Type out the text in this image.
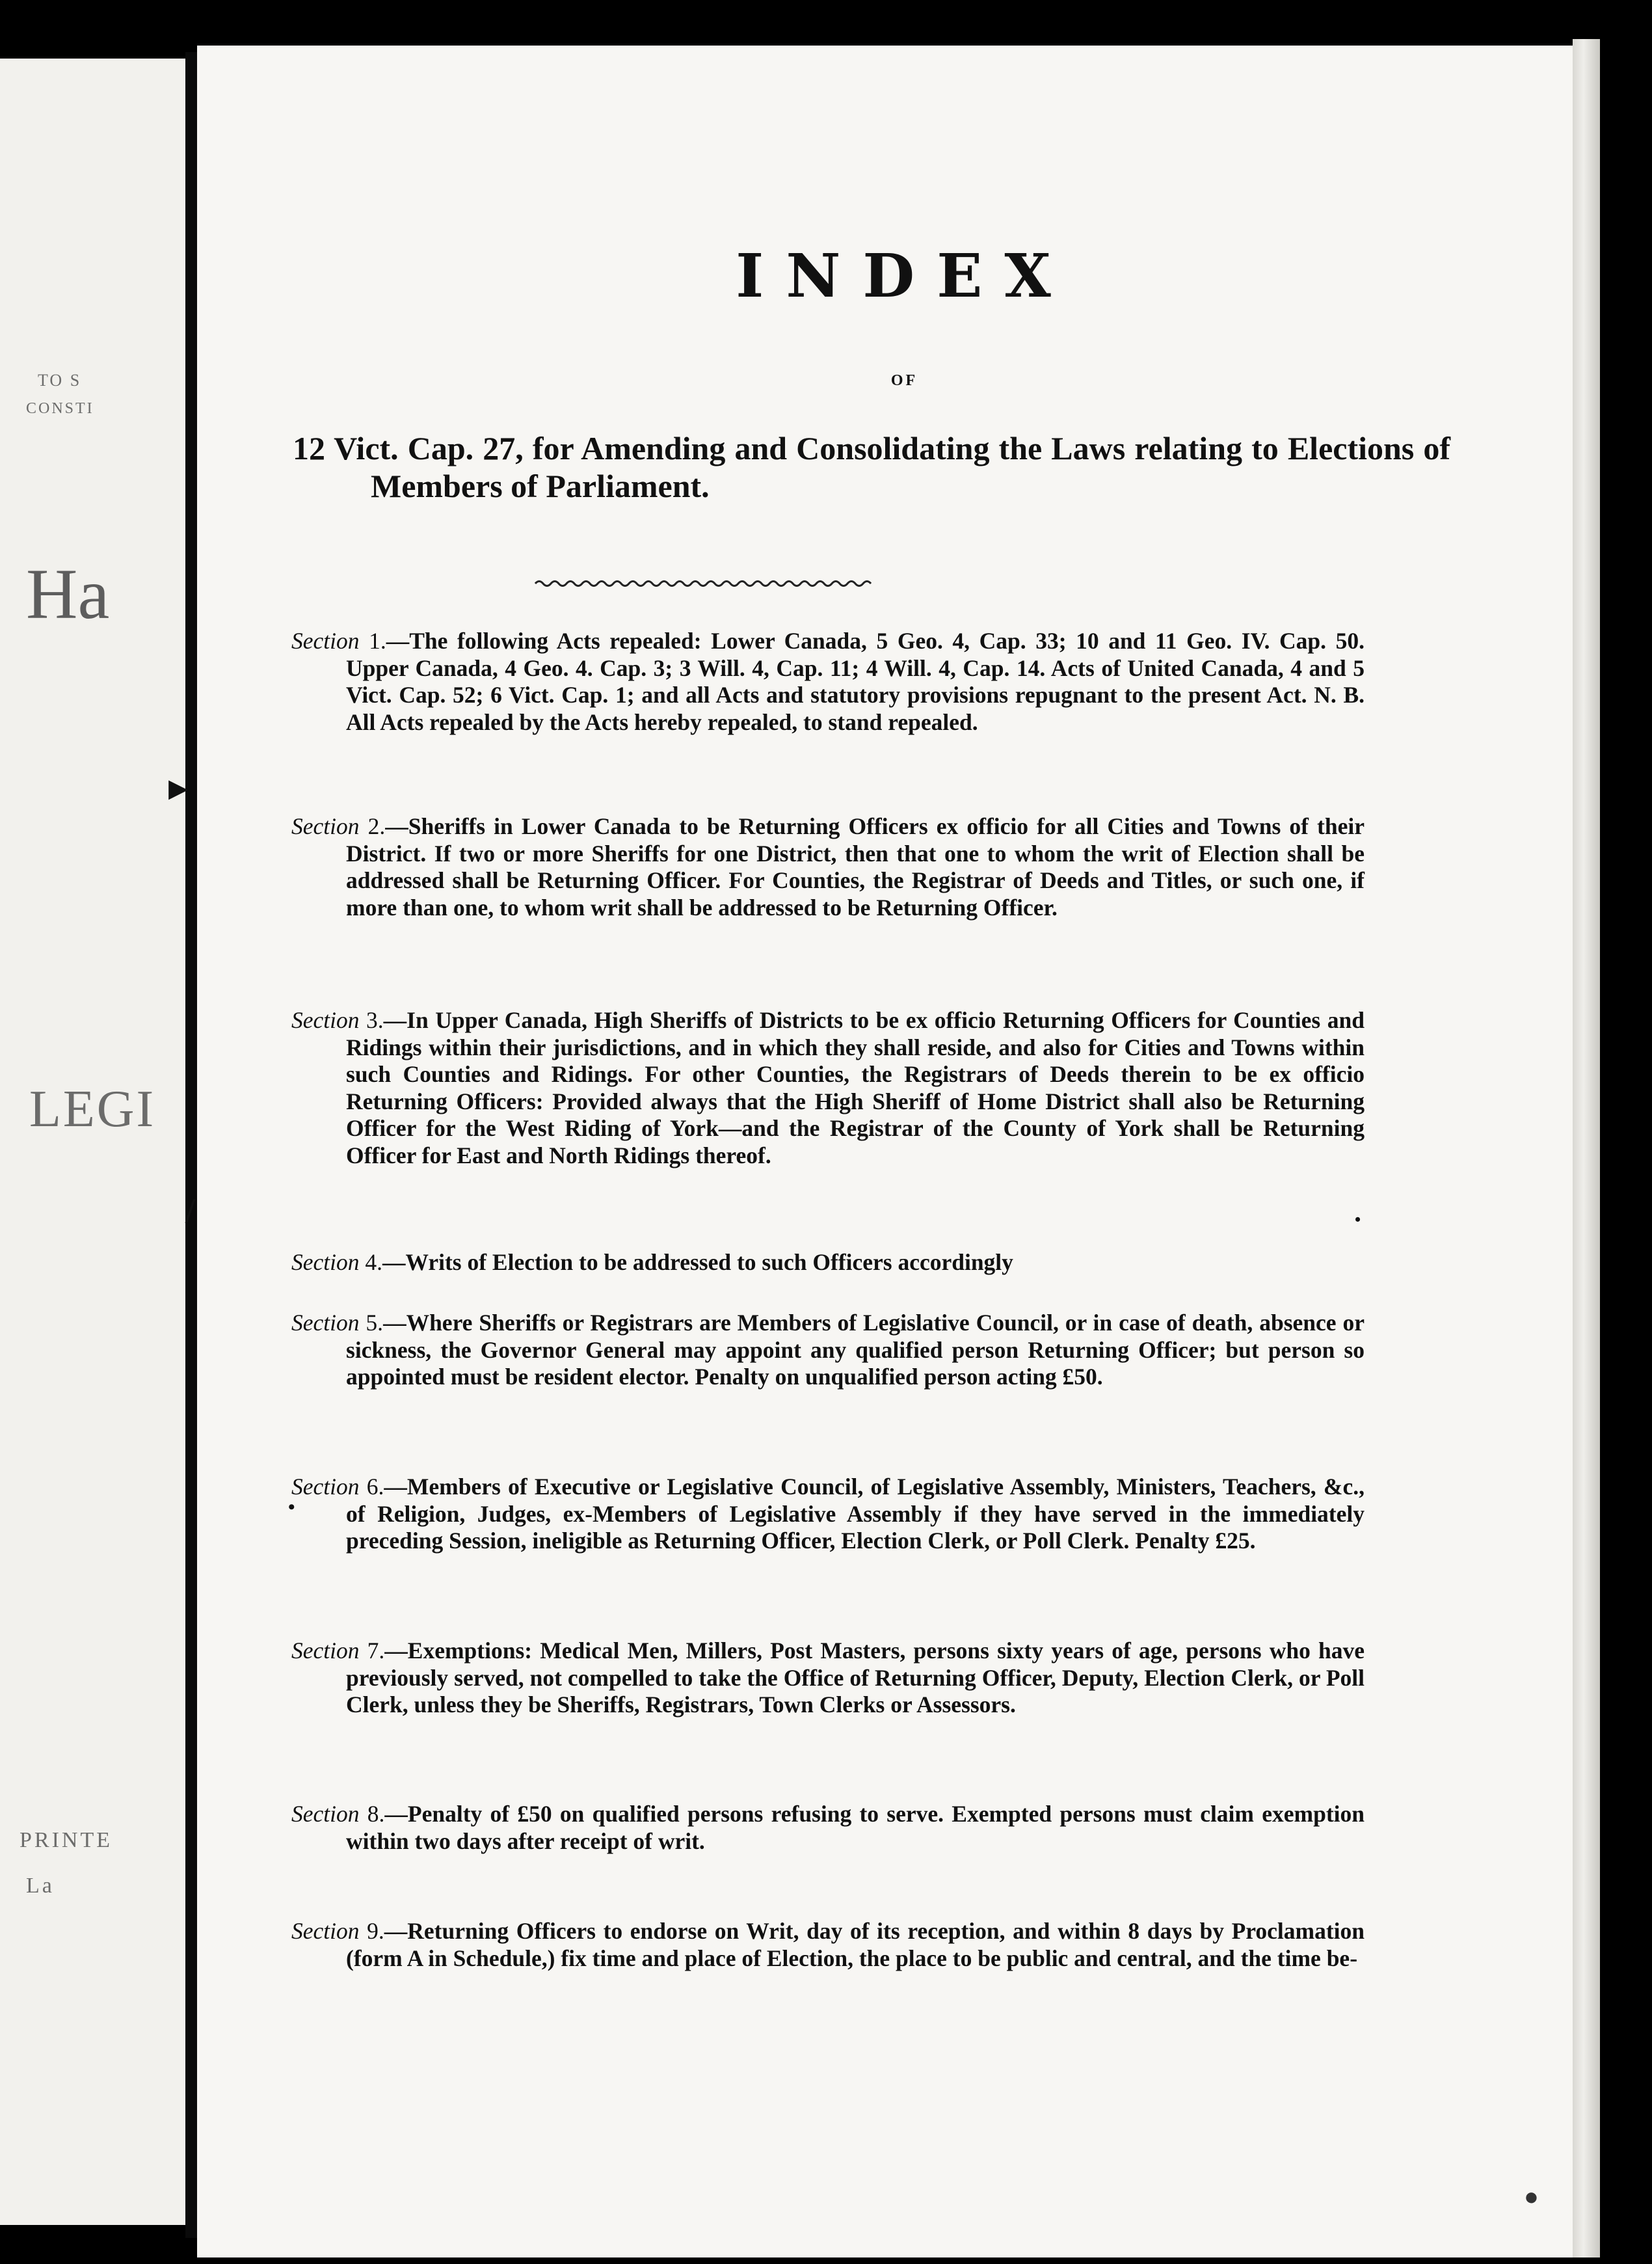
TO S
CONSTI
Ha
LEGI
PRINTE
La
INDEX
OF
12 Vict. Cap. 27, for Amending and Consolidating the Laws relating to Elections of Members of Parliament.
Section 1.—The following Acts repealed: Lower Canada, 5 Geo. 4, Cap. 33; 10 and 11 Geo. IV. Cap. 50. Upper Canada, 4 Geo. 4. Cap. 3; 3 Will. 4, Cap. 11; 4 Will. 4, Cap. 14. Acts of United Canada, 4 and 5 Vict. Cap. 52; 6 Vict. Cap. 1; and all Acts and statutory provisions repugnant to the present Act. N. B. All Acts repealed by the Acts hereby repealed, to stand repealed.
Section 2.—Sheriffs in Lower Canada to be Returning Officers ex officio for all Cities and Towns of their District. If two or more Sheriffs for one District, then that one to whom the writ of Election shall be addressed shall be Returning Officer. For Counties, the Registrar of Deeds and Titles, or such one, if more than one, to whom writ shall be addressed to be Returning Officer.
Section 3.—In Upper Canada, High Sheriffs of Districts to be ex officio Returning Officers for Counties and Ridings within their jurisdictions, and in which they shall reside, and also for Cities and Towns within such Counties and Ridings. For other Counties, the Registrars of Deeds therein to be ex officio Returning Officers: Provided always that the High Sheriff of Home District shall also be Returning Officer for the West Riding of York—and the Registrar of the County of York shall be Returning Officer for East and North Ridings thereof.
Section 4.—Writs of Election to be addressed to such Officers accordingly
Section 5.—Where Sheriffs or Registrars are Members of Legislative Council, or in case of death, absence or sickness, the Governor General may appoint any qualified person Returning Officer; but person so appointed must be resident elector. Penalty on unqualified person acting £50.
Section 6.—Members of Executive or Legislative Council, of Legislative Assembly, Ministers, Teachers, &c., of Religion, Judges, ex-Members of Legislative Assembly if they have served in the immediately preceding Session, ineligible as Returning Officer, Election Clerk, or Poll Clerk. Penalty £25.
Section 7.—Exemptions: Medical Men, Millers, Post Masters, persons sixty years of age, persons who have previously served, not compelled to take the Office of Returning Officer, Deputy, Election Clerk, or Poll Clerk, unless they be Sheriffs, Registrars, Town Clerks or Assessors.
Section 8.—Penalty of £50 on qualified persons refusing to serve. Exempted persons must claim exemption within two days after receipt of writ.
Section 9.—Returning Officers to endorse on Writ, day of its reception, and within 8 days by Proclamation (form A in Schedule,) fix time and place of Election, the place to be public and central, and the time be-
▸
/
•
•
●
